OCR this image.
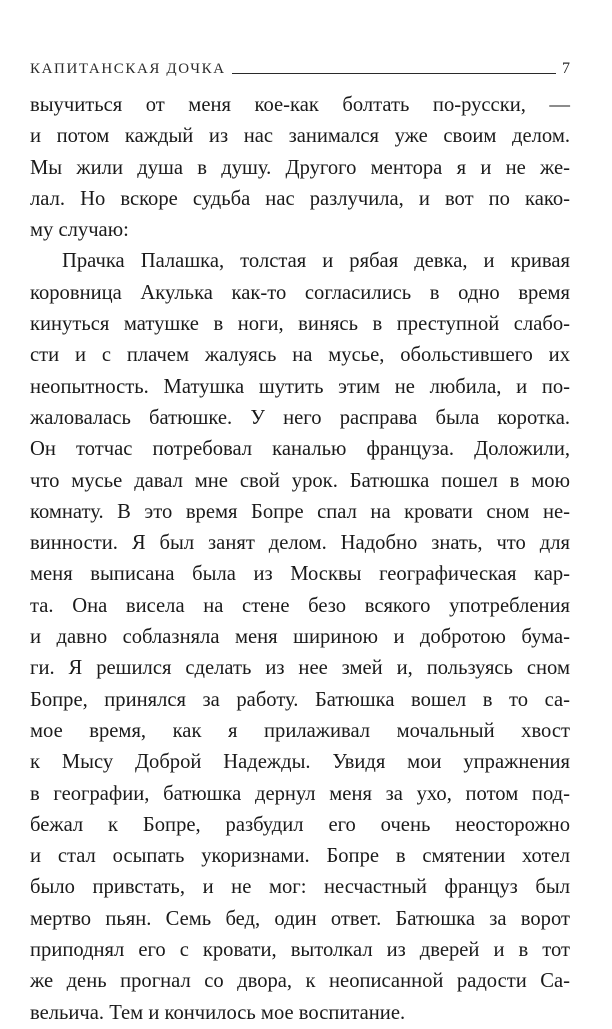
КАПИТАНСКАЯ ДОЧКА	7
выучиться от меня кое-как болтать по-русски, —
и потом каждый из нас занимался уже своим делом.
Мы жили душа в душу. Другого ментора я и не же-
лал. Но вскоре судьба нас разлучила, и вот по како-
му случаю:
Прачка Палашка, толстая и рябая девка, и кривая
коровница Акулька как-то согласились в одно время
кинуться матушке в ноги, винясь в преступной слабо-
сти и с плачем жалуясь на мусье, обольстившего их
неопытность. Матушка шутить этим не любила, и по-
жаловалась батюшке. У него расправа была коротка.
Он тотчас потребовал каналью француза. Доложили,
что мусье давал мне свой урок. Батюшка пошел в мою
комнату. В это время Бопре спал на кровати сном не-
винности. Я был занят делом. Надобно знать, что для
меня выписана была из Москвы географическая кар-
та. Она висела на стене безо всякого употребления
и давно соблазняла меня шириною и добротою бума-
ги. Я решился сделать из нее змей и, пользуясь сном
Бопре, принялся за работу. Батюшка вошел в то са-
мое время, как я прилаживал мочальный хвост
к Мысу Доброй Надежды. Увидя мои упражнения
в географии, батюшка дернул меня за ухо, потом под-
бежал к Бопре, разбудил его очень неосторожно
и стал осыпать укоризнами. Бопре в смятении хотел
было привстать, и не мог: несчастный француз был
мертво пьян. Семь бед, один ответ. Батюшка за ворот
приподнял его с кровати, вытолкал из дверей и в тот
же день прогнал со двора, к неописанной радости Са-
вельича. Тем и кончилось мое воспитание.
